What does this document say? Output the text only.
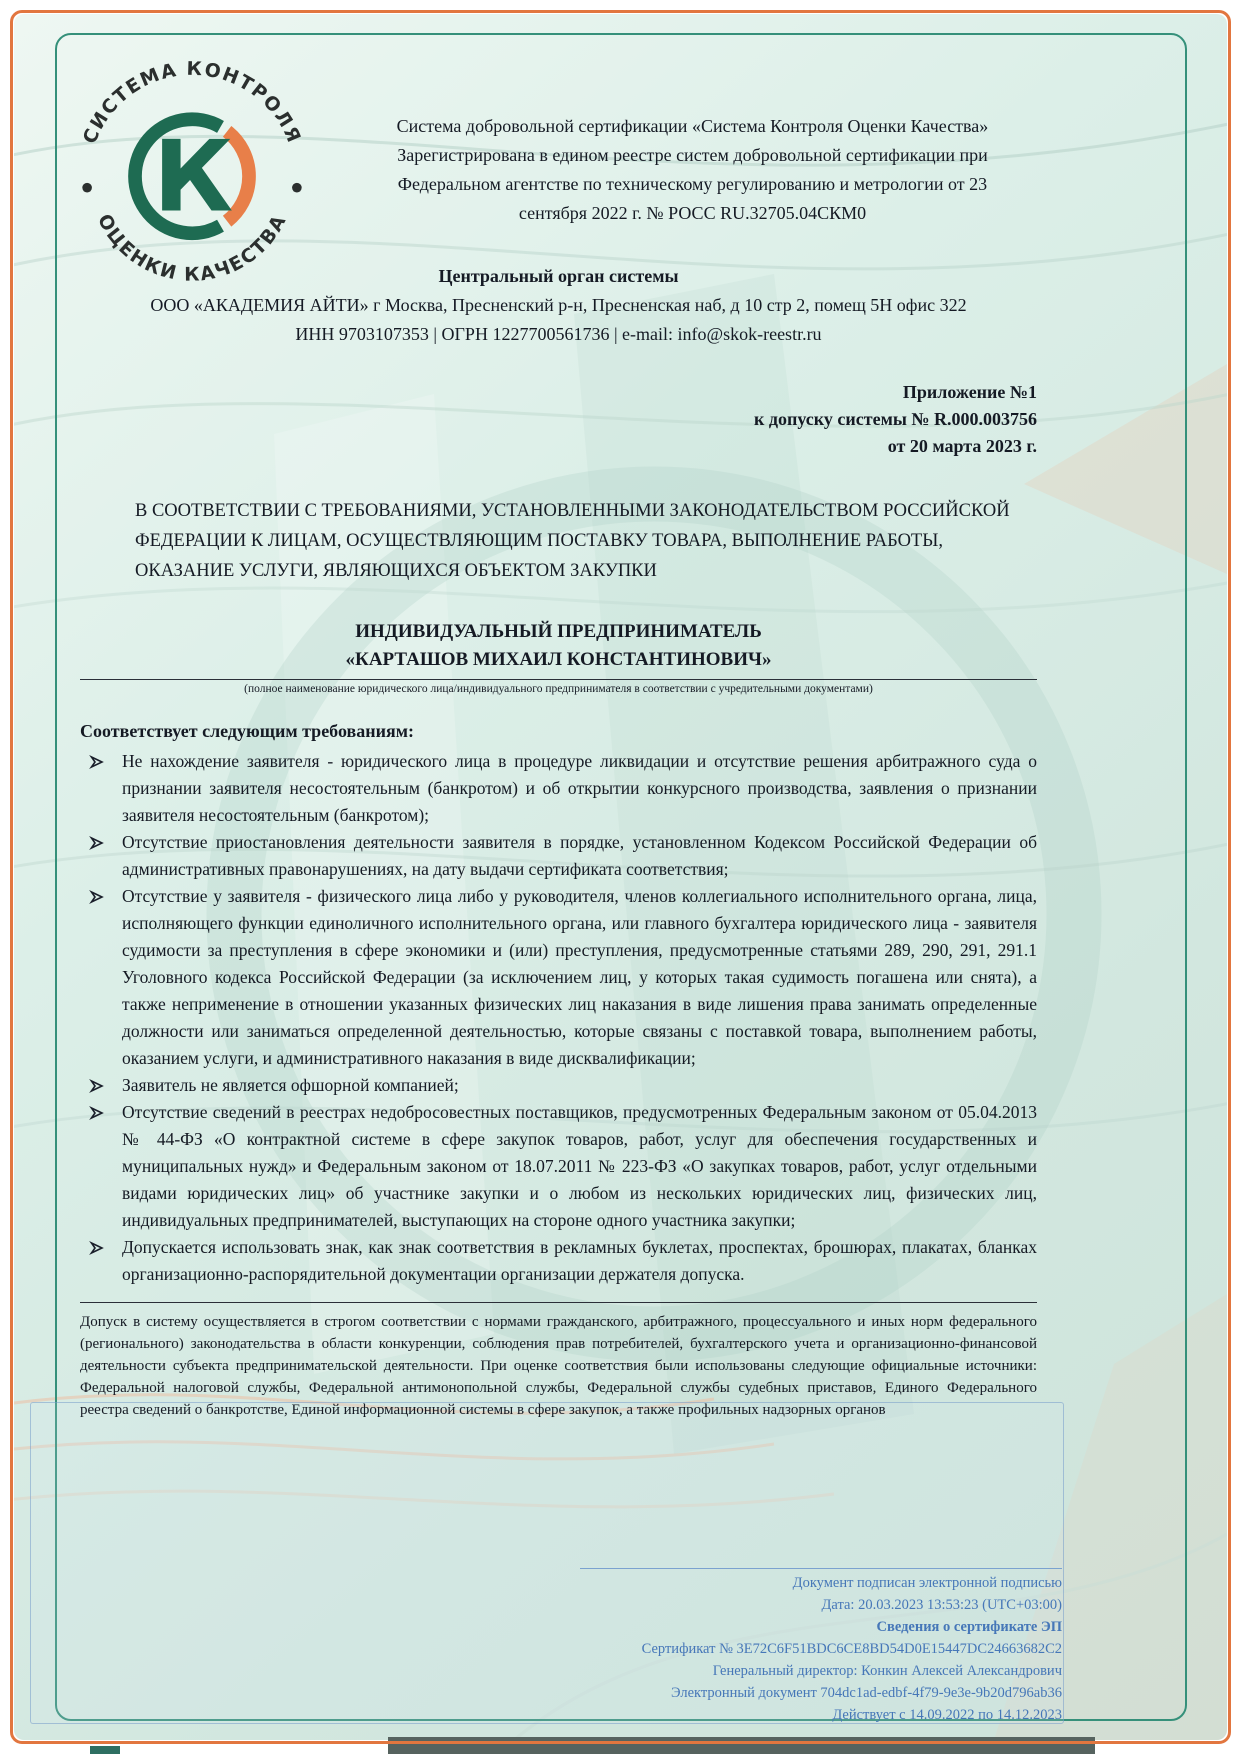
СИСТЕМА КОНТРОЛЯ
ОЦЕНКИ КАЧЕСТВА
К	Система добровольной сертификации «Система Контроля Оценки Качества»
Зарегистрирована в едином реестре систем добровольной сертификации при
Федеральном агентстве по техническому регулированию и метрологии от 23
сентября 2022 г. № РОСС RU.32705.04СКМ0
Центральный орган системы
ООО «АКАДЕМИЯ АЙТИ» г Москва, Пресненский р-н, Пресненская наб, д 10 стр 2, помещ 5Н офис 322
ИНН 9703107353 | ОГРН 1227700561736 | e-mail: info@skok-reestr.ru
Приложение №1
к допуску системы № R.000.003756
от 20 марта 2023 г.
В СООТВЕТСТВИИ С ТРЕБОВАНИЯМИ, УСТАНОВЛЕННЫМИ ЗАКОНОДАТЕЛЬСТВОМ РОССИЙСКОЙ ФЕДЕРАЦИИ К ЛИЦАМ, ОСУЩЕСТВЛЯЮЩИМ ПОСТАВКУ ТОВАРА, ВЫПОЛНЕНИЕ РАБОТЫ, ОКАЗАНИЕ УСЛУГИ, ЯВЛЯЮЩИХСЯ ОБЪЕКТОМ ЗАКУПКИ
ИНДИВИДУАЛЬНЫЙ ПРЕДПРИНИМАТЕЛЬ
«КАРТАШОВ МИХАИЛ КОНСТАНТИНОВИЧ»
(полное наименование юридического лица/индивидуального предпринимателя в соответствии с учредительными документами)
Соответствует следующим требованиям:
Не нахождение заявителя - юридического лица в процедуре ликвидации и отсутствие решения арбитражного суда о признании заявителя несостоятельным (банкротом) и об открытии конкурсного производства, заявления о признании заявителя несостоятельным (банкротом);
Отсутствие приостановления деятельности заявителя в порядке, установленном Кодексом Российской Федерации об административных правонарушениях, на дату выдачи сертификата соответствия;
Отсутствие у заявителя - физического лица либо у руководителя, членов коллегиального исполнительного органа, лица, исполняющего функции единоличного исполнительного органа, или главного бухгалтера юридического лица - заявителя судимости за преступления в сфере экономики и (или) преступления, предусмотренные статьями 289, 290, 291, 291.1 Уголовного кодекса Российской Федерации (за исключением лиц, у которых такая судимость погашена или снята), а также неприменение в отношении указанных физических лиц наказания в виде лишения права занимать определенные должности или заниматься определенной деятельностью, которые связаны с поставкой товара, выполнением работы, оказанием услуги, и административного наказания в виде дисквалификации;
Заявитель не является офшорной компанией;
Отсутствие сведений в реестрах недобросовестных поставщиков, предусмотренных Федеральным законом от 05.04.2013 № 44-ФЗ «О контрактной системе в сфере закупок товаров, работ, услуг для обеспечения государственных и муниципальных нужд» и Федеральным законом от 18.07.2011 № 223-ФЗ «О закупках товаров, работ, услуг отдельными видами юридических лиц» об участнике закупки и о любом из нескольких юридических лиц, физических лиц, индивидуальных предпринимателей, выступающих на стороне одного участника закупки;
Допускается использовать знак, как знак соответствия в рекламных буклетах, проспектах, брошюрах, плакатах, бланках организационно-распорядительной документации организации держателя допуска.
Допуск в систему осуществляется в строгом соответствии с нормами гражданского, арбитражного, процессуального и иных норм федерального (регионального) законодательства в области конкуренции, соблюдения прав потребителей, бухгалтерского учета и организационно-финансовой деятельности субъекта предпринимательской деятельности. При оценке соответствия были использованы следующие официальные источники: Федеральной налоговой службы, Федеральной антимонопольной службы, Федеральной службы судебных приставов, Единого Федерального реестра сведений о банкротстве, Единой информационной системы в сфере закупок, а также профильных надзорных органов
Документ подписан электронной подписью
Дата: 20.03.2023 13:53:23 (UTC+03:00)
Сведения о сертификате ЭП
Сертификат № 3E72C6F51BDC6CE8BD54D0E15447DC24663682C2
Генеральный директор: Конкин Алексей Александрович
Электронный документ 704dc1ad-edbf-4f79-9e3e-9b20d796ab36
Действует с 14.09.2022 по 14.12.2023
